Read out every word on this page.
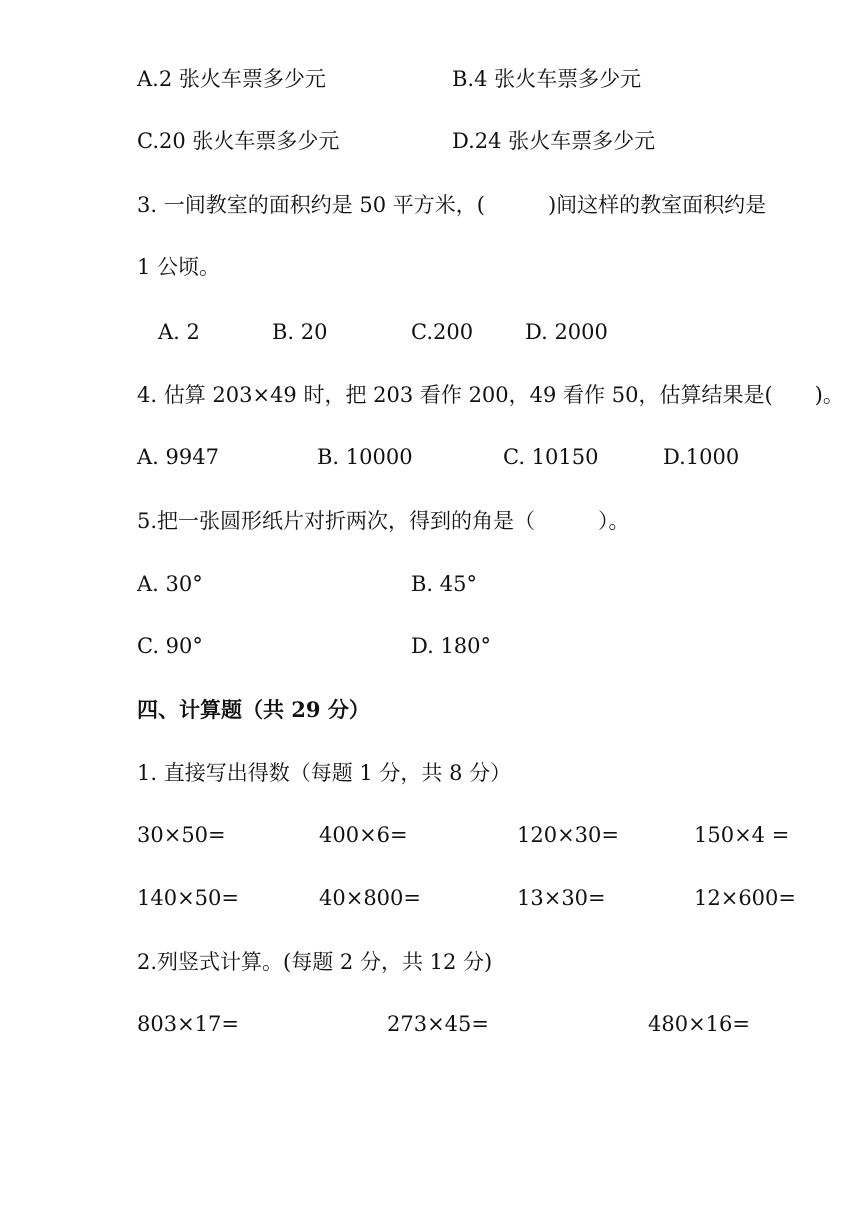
A.2 张火车票多少元	B.4 张火车票多少元
C.20 张火车票多少元	D.24 张火车票多少元
3. 一间教室的面积约是 50 平方米，(　　　)间这样的教室面积约是
1 公顷。
A. 2	B. 20	C.200 D. 2000
4. 估算 203×49 时，把 203 看作 200，49 看作 50，估算结果是(　　)。
A. 9947	B. 10000	C. 10150	D.1000
5.把一张圆形纸片对折两次，得到的角是（　　　）。
A. 30°	B. 45°
C. 90°	D. 180°
四、计算题（共 29 分）
1. 直接写出得数（每题 1 分，共 8 分）
30×50=	400×6=	120×30=	150×4 =
140×50=	40×800=	13×30=	12×600=
2.列竖式计算。(每题 2 分，共 12 分)
803×17=	273×45=	480×16=
